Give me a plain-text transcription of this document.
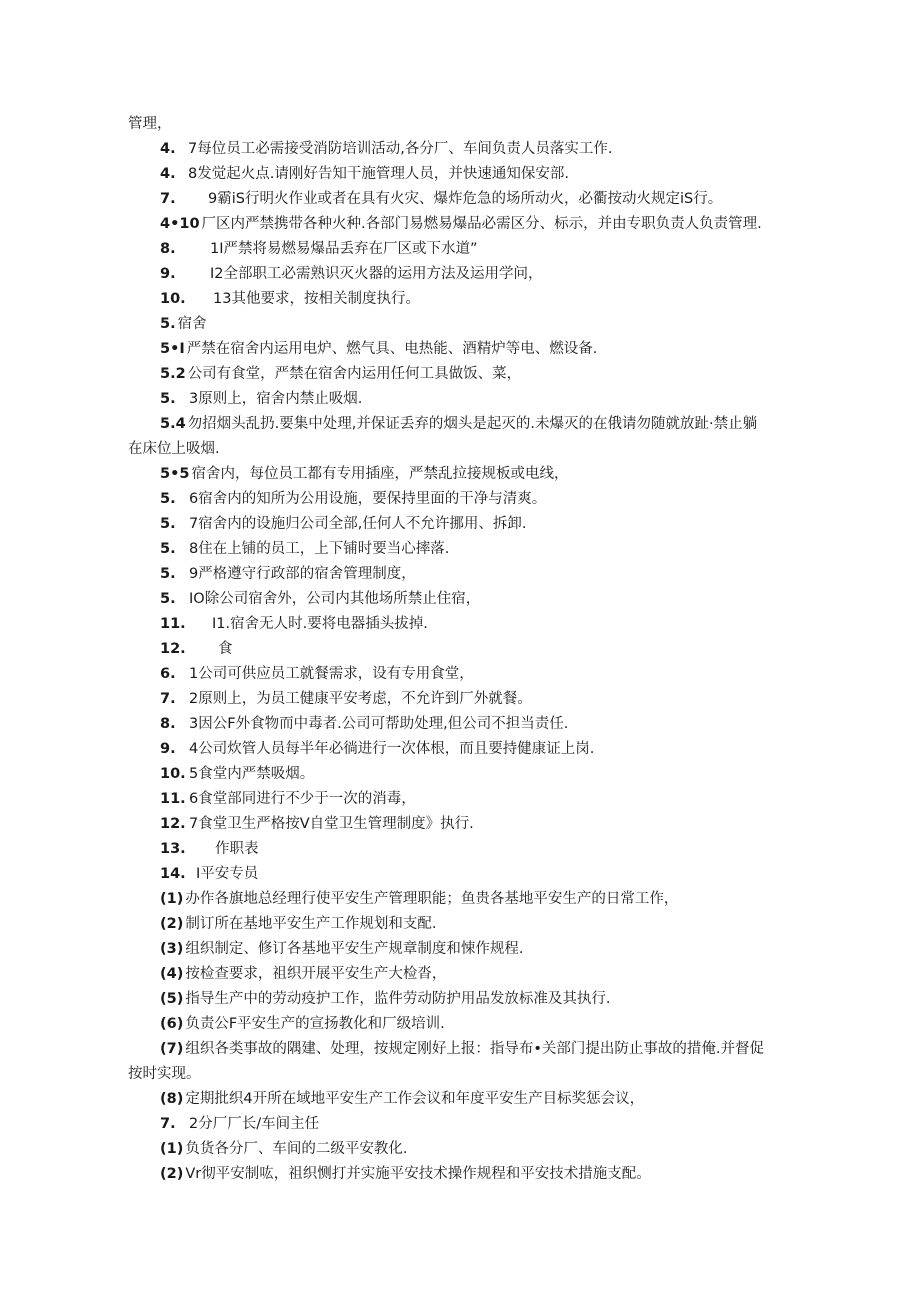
管理，
4. 7每位员工必需接受消防培训活动,各分厂、车间负责人员落实工作.
4. 8发觉起火点.请刚好告知干施管理人员，并快速通知保安部.
7. 9霸iS行明火作业或者在具有火灾、爆炸危急的场所动火，必衢按动火规定iS行。
4•10 厂区内严禁携带各种火种.各部门易燃易爆品必需区分、标示，并由专职负责人负责管理.
8. 1I严禁将易燃易爆品丢弃在厂区或下水道”
9. I2全部职工必需熟识灭火器的运用方法及运用学问，
10. 13其他要求，按相关制度执行。
5. 宿舍
5•I 严禁在宿舍内运用电炉、燃气具、电热能、酒精炉等电、燃设备.
5.2 公司有食堂，严禁在宿舍内运用任何工具做饭、菜，
5. 3原则上，宿舍内禁止吸烟.
5.4 勿招烟头乱扔.要集中处理,并保证丢弃的烟头是起灭的.未爆灭的在俄请勿随就放趾·禁止躺
在床位上吸烟.
5•5 宿舍内，每位员工都有专用插座，严禁乱拉接规板或电线，
5. 6宿舍内的知所为公用设施，要保持里面的干净与清爽。
5. 7宿舍内的设施归公司全部,任何人不允许挪用、拆卸.
5. 8住在上铺的员工，上下铺时要当心摔落.
5. 9严格遵守行政部的宿舍管理制度，
5. IO除公司宿舍外，公司内其他场所禁止住宿，
11. I1.宿舍无人时.要将电器插头拔掉.
12. 食
6. 1公司可供应员工就餐需求，设有专用食堂，
7. 2原则上，为员工健康平安考虑，不允许到厂外就餐。
8. 3因公F外食物而中毒者.公司可帮助处理,但公司不担当责任.
9. 4公司炊管人员每半年必徜进行一次体根，而且要持健康证上岗.
10. 5食堂内严禁吸烟。
11. 6食堂部同进行不少于一次的消毒，
12. 7食堂卫生严格按V自堂卫生管理制度》执行.
13. 作职表
14. I平安专员
(1) 办作各旗地总经理行使平安生产管理职能；鱼贵各基地平安生产的日常工作，
(2) 制订所在基地平安生产工作规划和支配.
(3) 组织制定、修订各基地平安生产规章制度和悚作规程.
(4) 按检查要求，祖织开展平安生产大检沓，
(5) 指导生产中的劳动疫护工作，监件劳动防护用品发放标准及其执行.
(6) 负责公F平安生产的宣扬教化和厂级培训.
(7) 组织各类事故的隅建、处理，按规定刚好上报：指导布•关部门提出防止事故的措俺.并督促
按时实现。
(8) 定期批织4开所在域地平安生产工作会议和年度平安生产目标奖惩会议，
7. 2分厂厂长/车间主任
(1) 负货各分厂、车间的二级平安教化.
(2) Vr彻平安制吰，祖织恻打并实施平安技术操作规程和平安技术措施支配。
